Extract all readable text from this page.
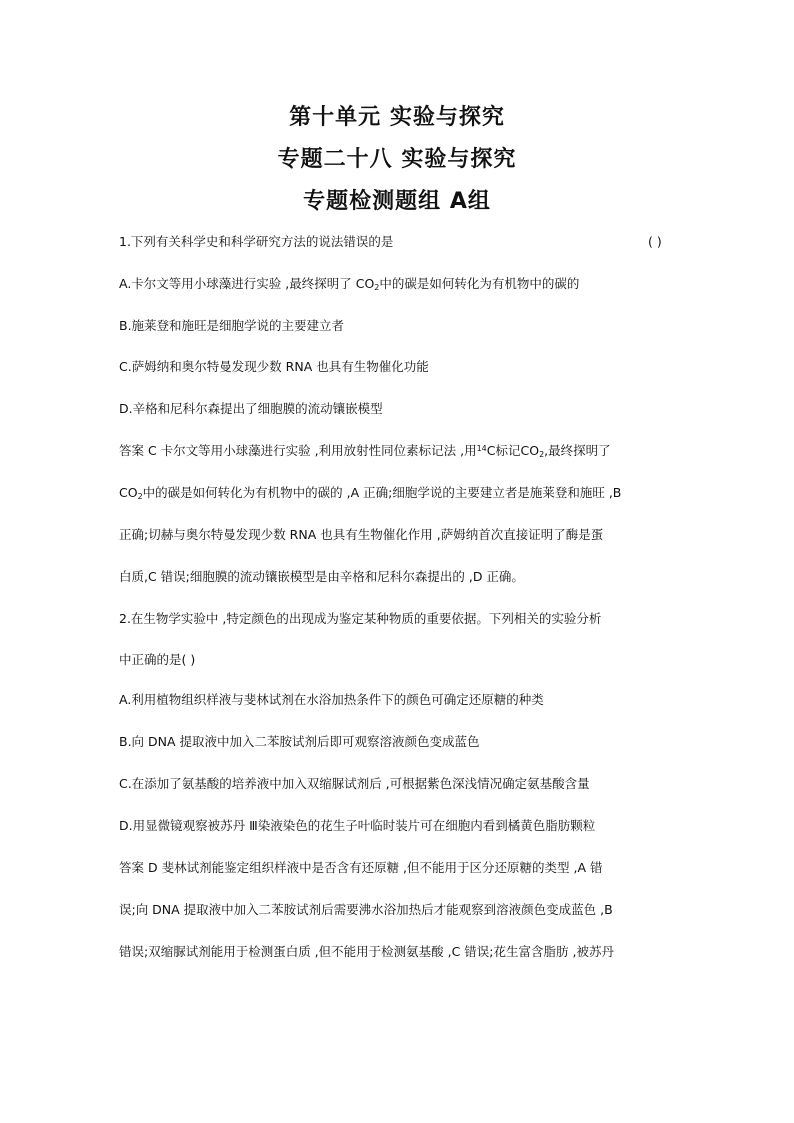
第十单元 实验与探究
专题二十八 实验与探究
专题检测题组 A组
1.下列有关科学史和科学研究方法的说法错误的是	( )
A.卡尔文等用小球藻进行实验 ,最终探明了 $CO_2$中的碳是如何转化为有机物中的碳的
B.施莱登和施旺是细胞学说的主要建立者
C.萨姆纳和奥尔特曼发现少数 RNA 也具有生物催化功能
D.辛格和尼科尔森提出了细胞膜的流动镶嵌模型
答案 C 卡尔文等用小球藻进行实验 ,利用放射性同位素标记法 ,用$^{14}$C标记$CO_2$,最终探明了
$CO_2$中的碳是如何转化为有机物中的碳的 ,A 正确;细胞学说的主要建立者是施莱登和施旺 ,B
正确;切赫与奥尔特曼发现少数 RNA 也具有生物催化作用 ,萨姆纳首次直接证明了酶是蛋
白质,C 错误;细胞膜的流动镶嵌模型是由辛格和尼科尔森提出的 ,D 正确。
2.在生物学实验中 ,特定颜色的出现成为鉴定某种物质的重要依据。下列相关的实验分析
中正确的是( )
A.利用植物组织样液与斐林试剂在水浴加热条件下的颜色可确定还原糖的种类
B.向 DNA 提取液中加入二苯胺试剂后即可观察溶液颜色变成蓝色
C.在添加了氨基酸的培养液中加入双缩脲试剂后 ,可根据紫色深浅情况确定氨基酸含量
D.用显微镜观察被苏丹 Ⅲ染液染色的花生子叶临时装片可在细胞内看到橘黄色脂肪颗粒
答案 D 斐林试剂能鉴定组织样液中是否含有还原糖 ,但不能用于区分还原糖的类型 ,A 错
误;向 DNA 提取液中加入二苯胺试剂后需要沸水浴加热后才能观察到溶液颜色变成蓝色 ,B
错误;双缩脲试剂能用于检测蛋白质 ,但不能用于检测氨基酸 ,C 错误;花生富含脂肪 ,被苏丹
